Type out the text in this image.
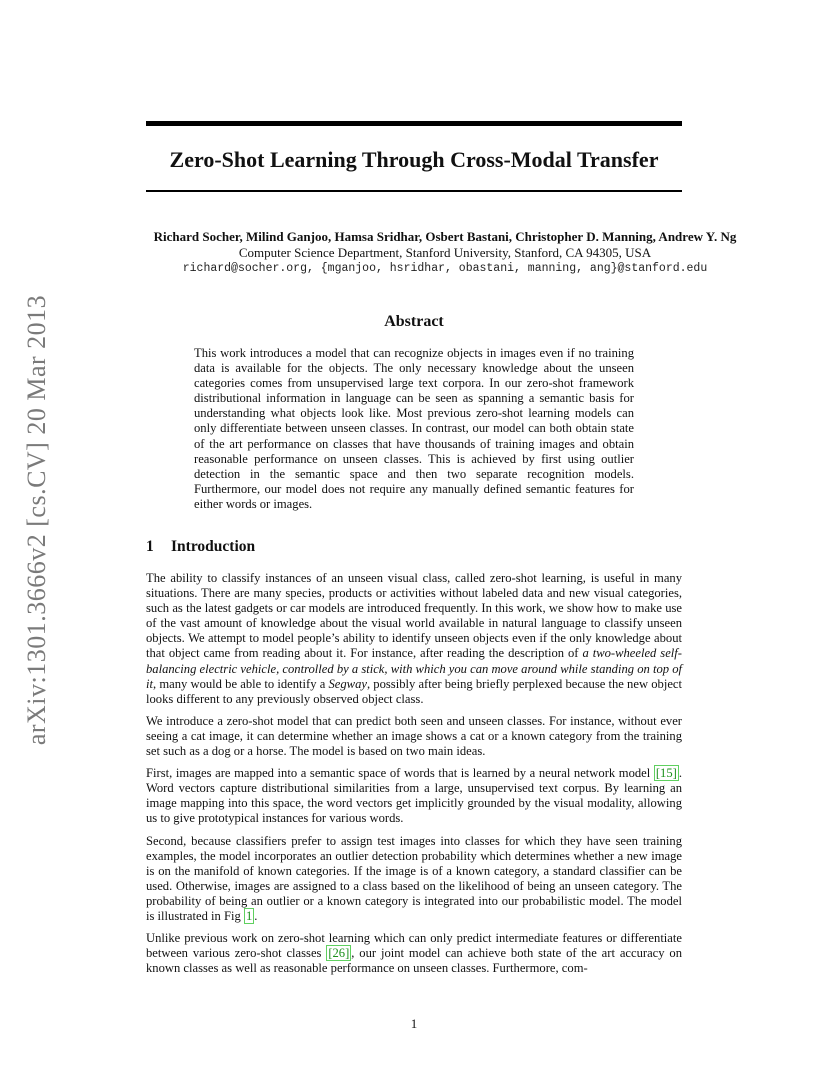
arXiv:1301.3666v2 [cs.CV] 20 Mar 2013
Zero-Shot Learning Through Cross-Modal Transfer
Richard Socher, Milind Ganjoo, Hamsa Sridhar, Osbert Bastani, Christopher D. Manning, Andrew Y. Ng
Computer Science Department, Stanford University, Stanford, CA 94305, USA
richard@socher.org, {mganjoo, hsridhar, obastani, manning, ang}@stanford.edu
Abstract

This work introduces a model that can recognize objects in images even if no training data is available for the objects. The only necessary knowledge about the unseen categories comes from unsupervised large text corpora. In our zero-shot framework distributional information in language can be seen as spanning a semantic basis for understanding what objects look like. Most previous zero-shot learning models can only differentiate between unseen classes. In contrast, our model can both obtain state of the art performance on classes that have thousands of training images and obtain reasonable performance on unseen classes. This is achieved by first using outlier detection in the semantic space and then two separate recognition models. Furthermore, our model does not require any manually defined semantic features for either words or images.

1 Introduction

The ability to classify instances of an unseen visual class, called zero-shot learning, is useful in many situations. There are many species, products or activities without labeled data and new visual categories, such as the latest gadgets or car models are introduced frequently. In this work, we show how to make use of the vast amount of knowledge about the visual world available in natural language to classify unseen objects. We attempt to model people’s ability to identify unseen objects even if the only knowledge about that object came from reading about it. For instance, after reading the description of a two-wheeled self-balancing electric vehicle, controlled by a stick, with which you can move around while standing on top of it, many would be able to identify a Segway, possibly after being briefly perplexed because the new object looks different to any previously observed object class.

We introduce a zero-shot model that can predict both seen and unseen classes. For instance, without ever seeing a cat image, it can determine whether an image shows a cat or a known category from the training set such as a dog or a horse. The model is based on two main ideas.

First, images are mapped into a semantic space of words that is learned by a neural network model [15] . Word vectors capture distributional similarities from a large, unsupervised text corpus. By learning an image mapping into this space, the word vectors get implicitly grounded by the visual modality, allowing us to give prototypical instances for various words.

Second, because classifiers prefer to assign test images into classes for which they have seen training examples, the model incorporates an outlier detection probability which determines whether a new image is on the manifold of known categories. If the image is of a known category, a standard classifier can be used. Otherwise, images are assigned to a class based on the likelihood of being an unseen category. The probability of being an outlier or a known category is integrated into our probabilistic model. The model is illustrated in Fig 1 .

Unlike previous work on zero-shot learning which can only predict intermediate features or differentiate between various zero-shot classes [26] , our joint model can achieve both state of the art accuracy on known classes as well as reasonable performance on unseen classes. Furthermore, com-

1
